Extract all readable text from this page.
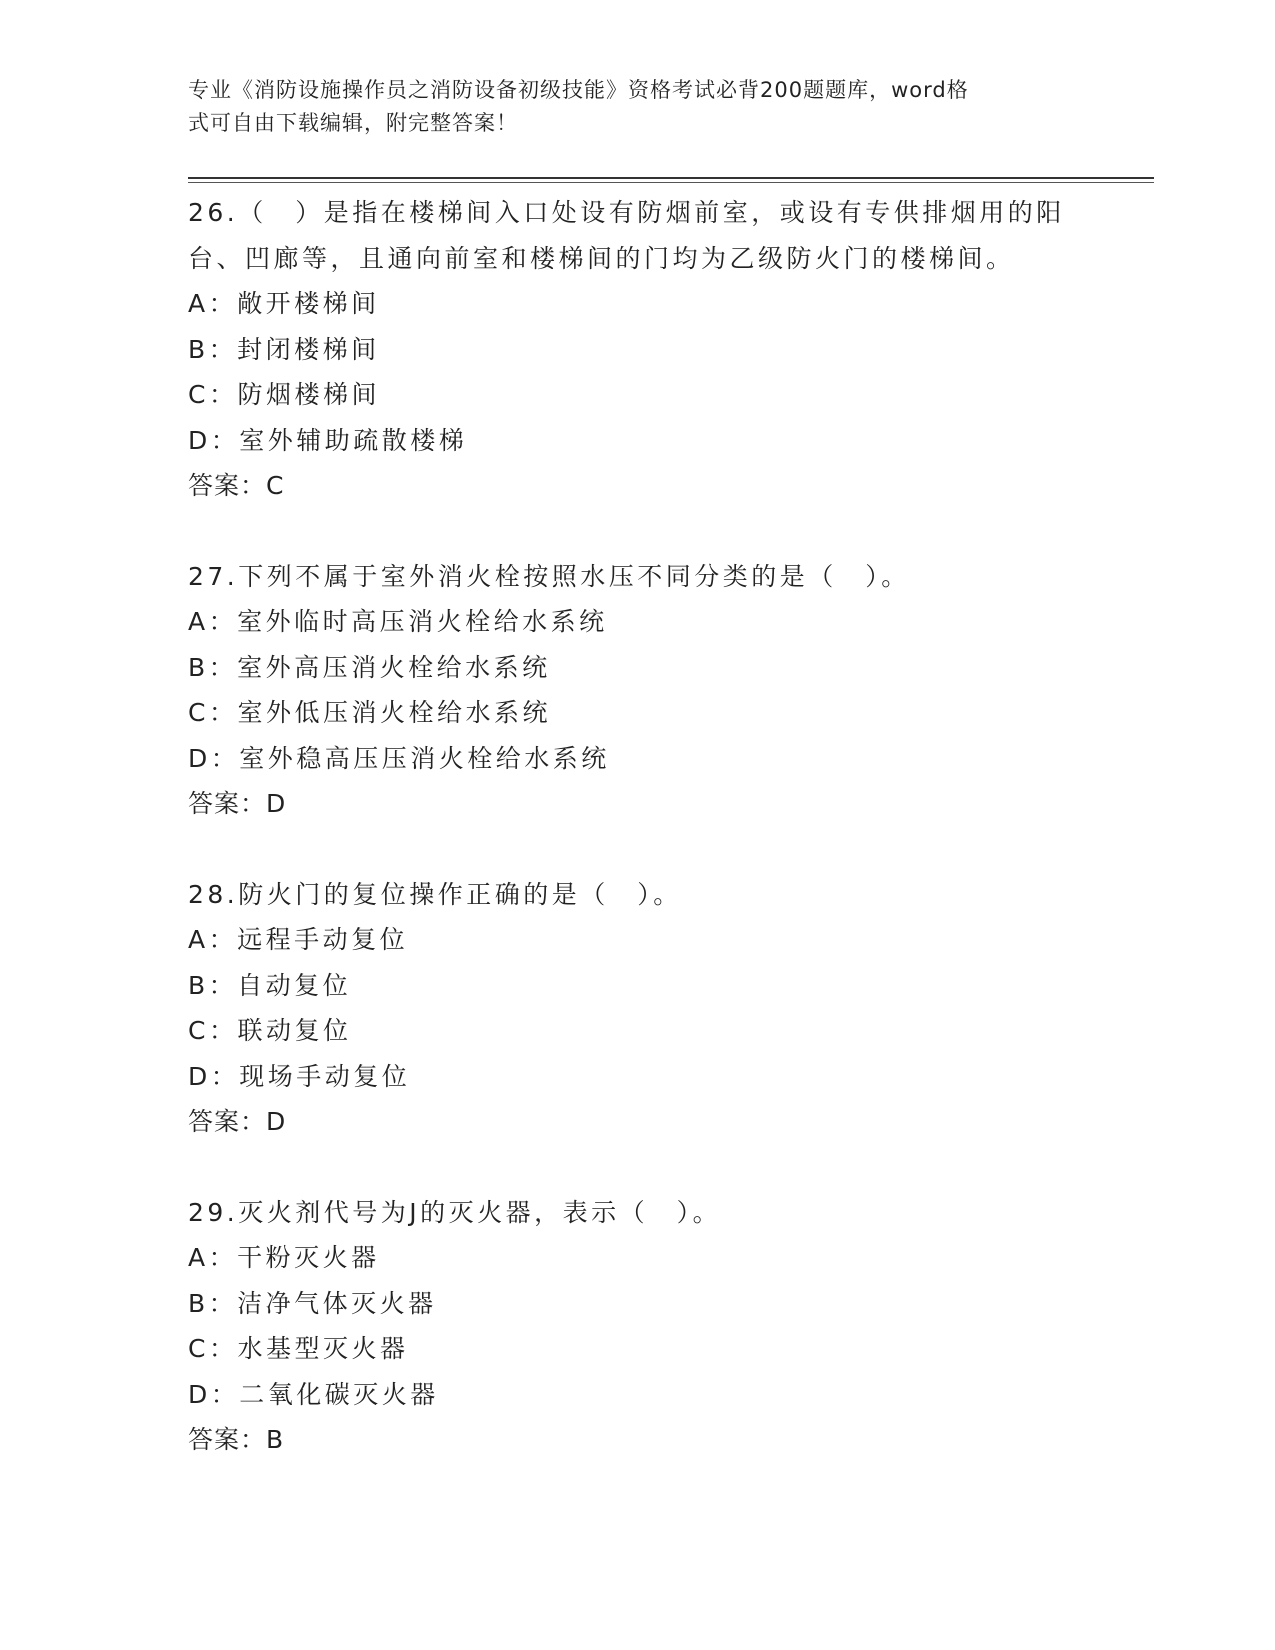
专业《消防设施操作员之消防设备初级技能》资格考试必背200题题库，word格
式可自由下载编辑，附完整答案！
26.（　）是指在楼梯间入口处设有防烟前室，或设有专供排烟用的阳
台、凹廊等，且通向前室和楼梯间的门均为乙级防火门的楼梯间。
A：敞开楼梯间
B：封闭楼梯间
C：防烟楼梯间
D：室外辅助疏散楼梯
答案：C
27.下列不属于室外消火栓按照水压不同分类的是（　）。
A：室外临时高压消火栓给水系统
B：室外高压消火栓给水系统
C：室外低压消火栓给水系统
D：室外稳高压压消火栓给水系统
答案：D
28.防火门的复位操作正确的是（　）。
A：远程手动复位
B：自动复位
C：联动复位
D：现场手动复位
答案：D
29.灭火剂代号为J的灭火器，表示（　）。
A：干粉灭火器
B：洁净气体灭火器
C：水基型灭火器
D：二氧化碳灭火器
答案：B
